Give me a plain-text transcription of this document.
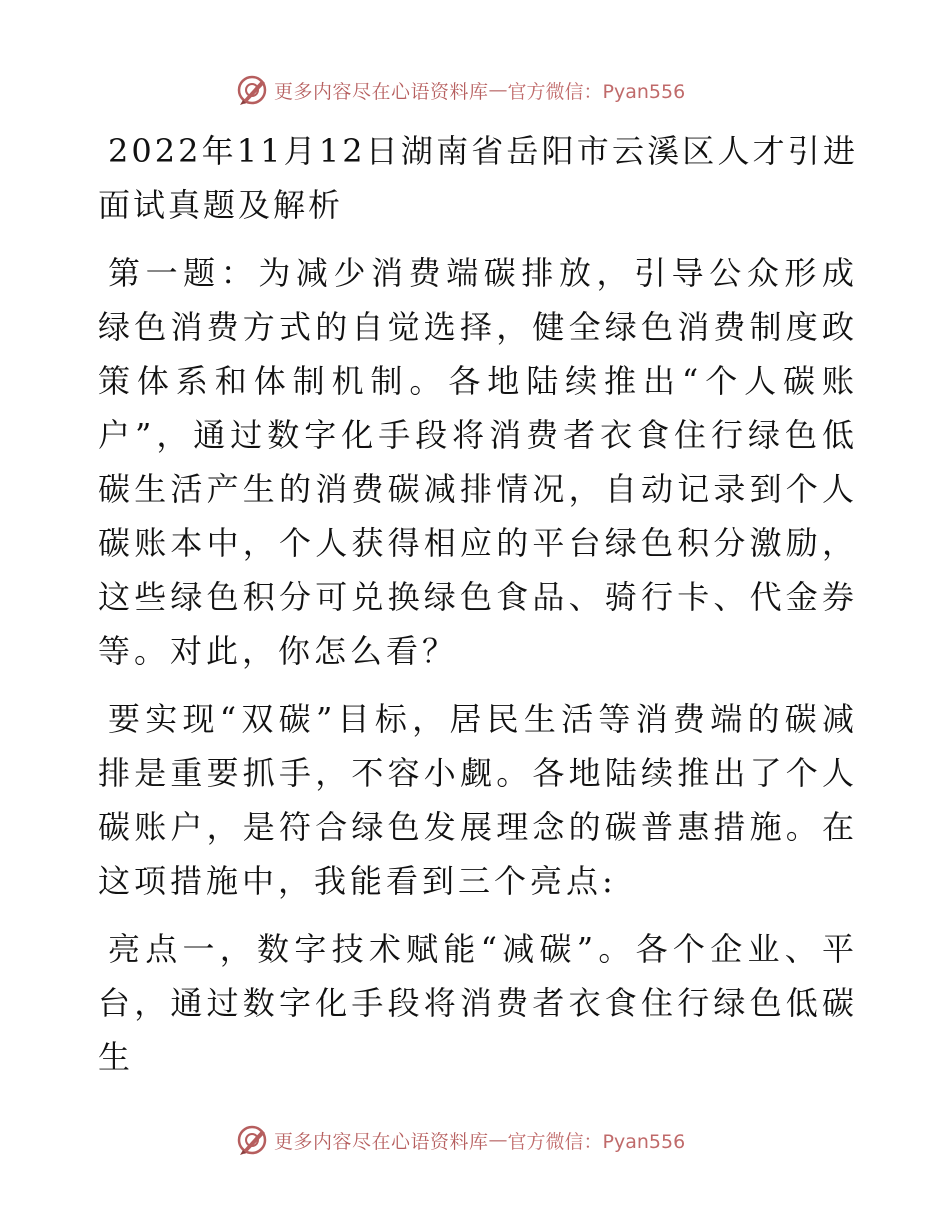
更多内容尽在心语资料库 — 官方微信：Pyan556

2022年11月12日湖南省岳阳市云溪区人才引进面试真题及解析

第一题：为减少消费端碳排放，引导公众形成绿色消费方式的自觉选择，健全绿色消费制度政策体系和体制机制。各地陆续推出“个人碳账户”，通过数字化手段将消费者衣食住行绿色低碳生活产生的消费碳减排情况，自动记录到个人碳账本中，个人获得相应的平台绿色积分激励，这些绿色积分可兑换绿色食品、骑行卡、代金券等。对此，你怎么看？

要实现“双碳”目标，居民生活等消费端的碳减排是重要抓手，不容小觑。各地陆续推出了个人碳账户，是符合绿色发展理念的碳普惠措施。在这项措施中，我能看到三个亮点:

亮点一，数字技术赋能“减碳”。各个企业、平台，通过数字化手段将消费者衣食住行绿色低碳生

更多内容尽在心语资料库 — 官方微信：Pyan556
